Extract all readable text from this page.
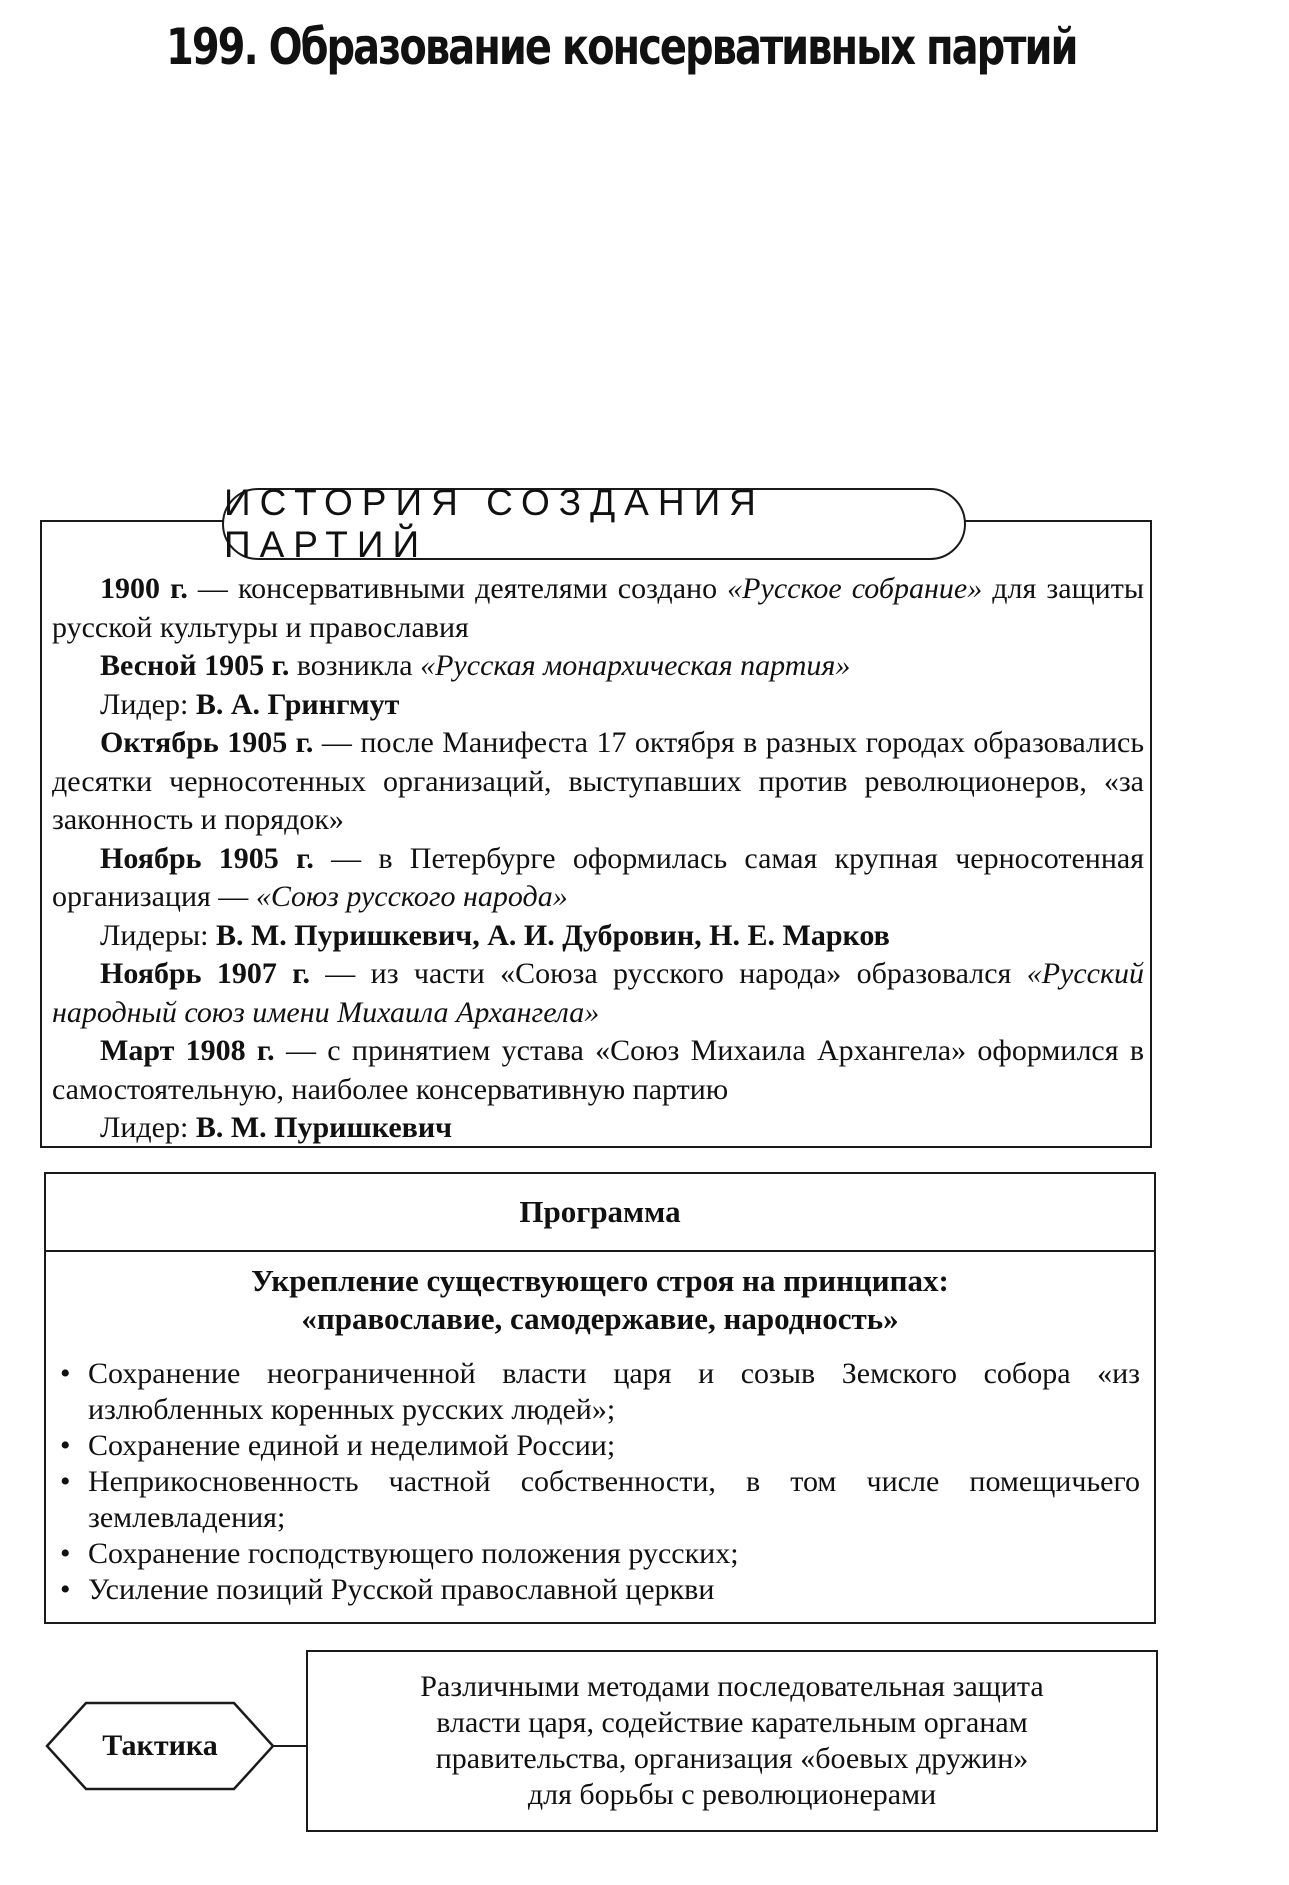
199. Образование консервативных партий
ИСТОРИЯ СОЗДАНИЯ ПАРТИЙ

1900 г. — консервативными деятелями создано «Русское собрание» для защиты русской культуры и православия

Весной 1905 г. возникла «Русская монархическая партия»

Лидер: В. А. Грингмут

Октябрь 1905 г. — после Манифеста 17 октября в разных городах образовались десятки черносотенных организаций, выступавших против революционеров, «за законность и порядок»

Ноябрь 1905 г. — в Петербурге оформилась самая крупная черносотенная организация — «Союз русского народа»

Лидеры: В. М. Пуришкевич, А. И. Дубровин, Н. Е. Марков

Ноябрь 1907 г. — из части «Союза русского народа» образовался «Русский народный союз имени Михаила Архангела»

Март 1908 г. — с принятием устава «Союз Михаила Архангела» оформился в самостоятельную, наиболее консервативную партию

Лидер: В. М. Пуришкевич

Программа
Укрепление существующего строя на принципах:
«православие, самодержавие, народность»
• Сохранение неограниченной власти царя и созыв Земского собора «из излюбленных коренных русских людей»;
• Сохранение единой и неделимой России;
• Неприкосновенность частной собственности, в том числе помещичьего землевладения;
• Сохранение господствующего положения русских;
• Усиление позиций Русской православной церкви
Тактика
Различными методами последовательная защита
власти царя, содействие карательным органам
правительства, организация «боевых дружин»
для борьбы с революционерами
